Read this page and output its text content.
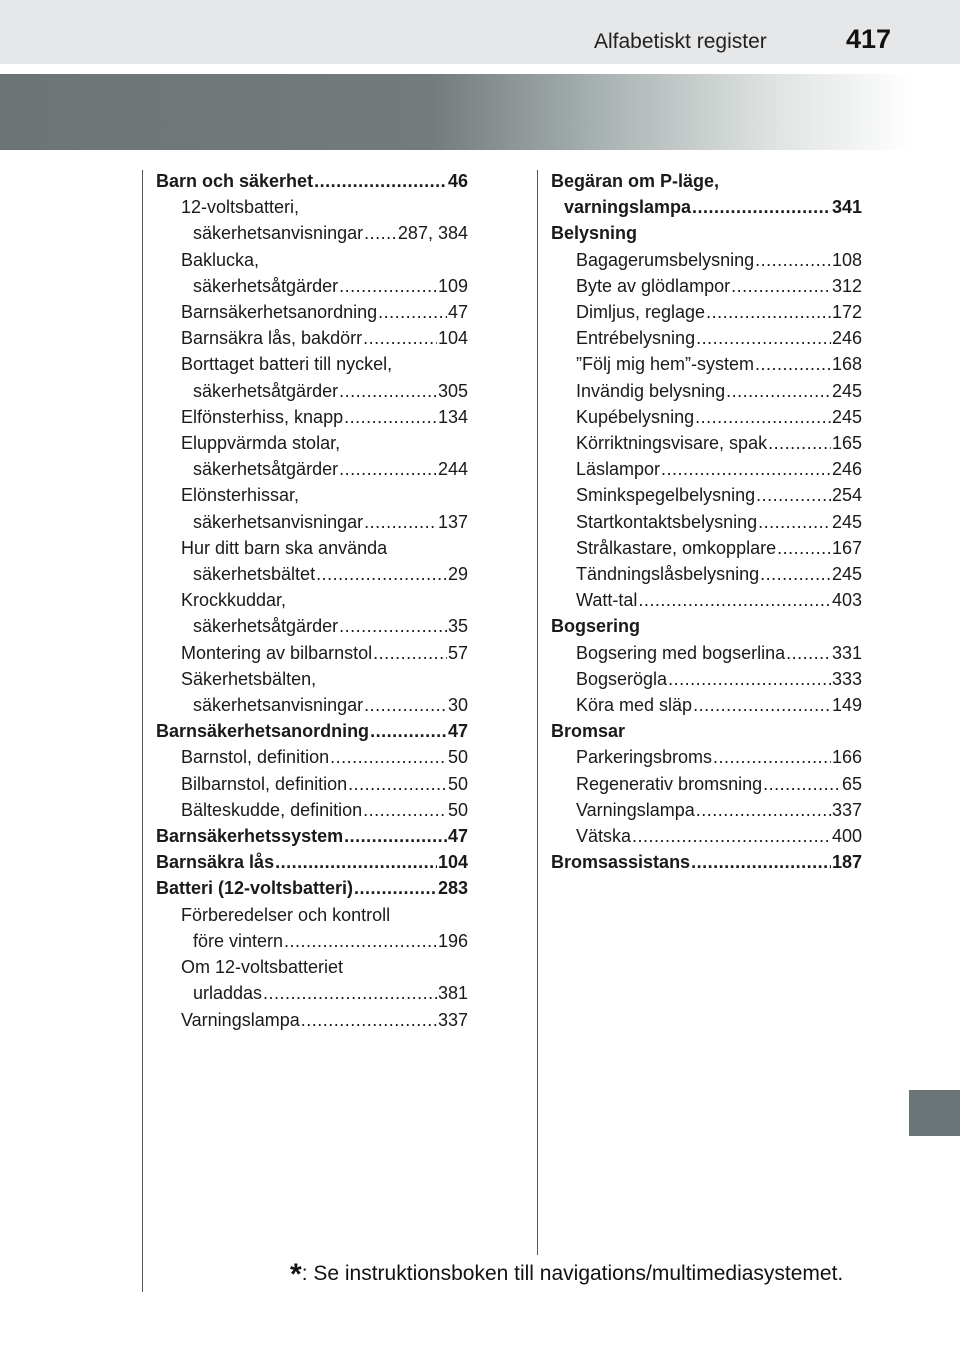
Alfabetiskt register	417
Barn och säkerhet .....	46
12-voltsbatteri,
säkerhetsanvisningar ..... 287, 384
Baklucka,
säkerhetsåtgärder .....	109
Barnsäkerhetsanordning .....	47
Barnsäkra lås, bakdörr .....	104
Borttaget batteri till nyckel,
säkerhetsåtgärder .....	305
Elfönsterhiss, knapp .....	134
Eluppvärmda stolar,
säkerhetsåtgärder .....	244
Elönsterhissar,
säkerhetsanvisningar .....	137
Hur ditt barn ska använda
säkerhetsbältet .....	29
Krockkuddar,
säkerhetsåtgärder .....	35
Montering av bilbarnstol .....	57
Säkerhetsbälten,
säkerhetsanvisningar .....	30
Barnsäkerhetsanordning .....	47
Barnstol, definition .....	50
Bilbarnstol, definition .....	50
Bälteskudde, definition .....	50
Barnsäkerhetssystem .....	47
Barnsäkra lås .....	104
Batteri (12-voltsbatteri) .....	283
Förberedelser och kontroll
före vintern .....	196
Om 12-voltsbatteriet
urladdas .....	381
Varningslampa .....	337
Begäran om P-läge,
varningslampa .....	341
Belysning
Bagagerumsbelysning .....	108
Byte av glödlampor .....	312
Dimljus, reglage .....	172
Entrébelysning .....	246
”Följ mig hem”-system .....	168
Invändig belysning .....	245
Kupébelysning .....	245
Körriktningsvisare, spak .....	165
Läslampor .....	246
Sminkspegelbelysning .....	254
Startkontaktsbelysning .....	245
Strålkastare, omkopplare .....	167
Tändningslåsbelysning .....	245
Watt-tal .....	403
Bogsering
Bogsering med bogserlina .....	331
Bogserögla .....	333
Köra med släp .....	149
Bromsar
Parkeringsbroms .....	166
Regenerativ bromsning .....	65
Varningslampa .....	337
Vätska .....	400
Bromsassistans .....	187
*: Se instruktionsboken till navigations/multimediasystemet.
